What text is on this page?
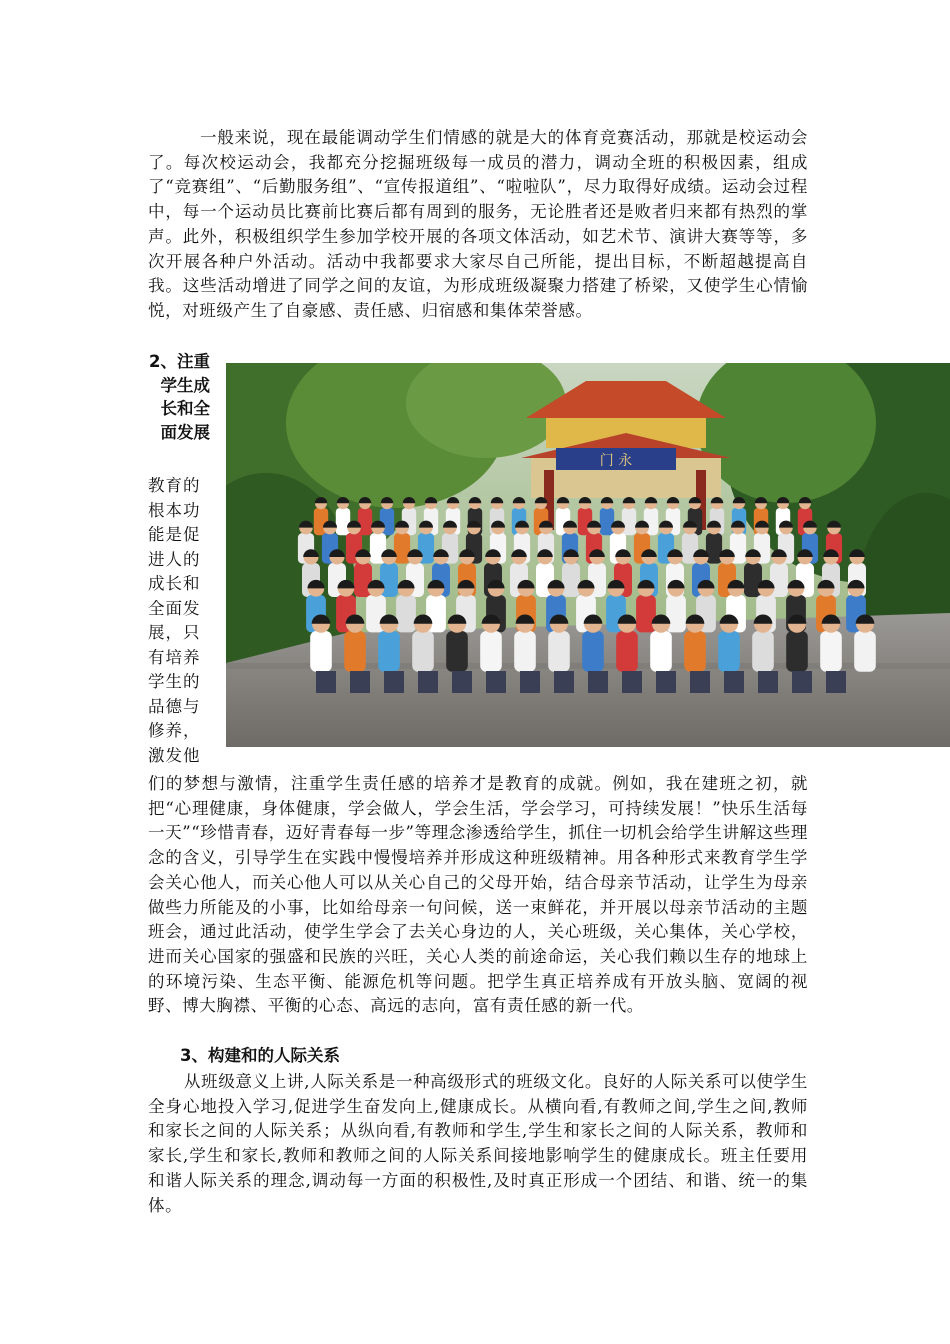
一般来说，现在最能调动学生们情感的就是大的体育竞赛活动，那就是校运动会了。每次校运动会，我都充分挖掘班级每一成员的潜力，调动全班的积极因素，组成了“竞赛组”、“后勤服务组”、“宣传报道组”、“啦啦队”，尽力取得好成绩。运动会过程中，每一个运动员比赛前比赛后都有周到的服务，无论胜者还是败者归来都有热烈的掌声。此外，积极组织学生参加学校开展的各项文体活动，如艺术节、演讲大赛等等，多次开展各种户外活动。活动中我都要求大家尽自己所能，提出目标，不断超越提高自我。这些活动增进了同学之间的友谊，为形成班级凝聚力搭建了桥梁，又使学生心情愉悦，对班级产生了自豪感、责任感、归宿感和集体荣誉感。

2、注重学生成长和全面发展

教育的根本功能是促进人的成长和全面发展，只有培养学生的品德与修养，激发他

门 永

们的梦想与激情，注重学生责任感的培养才是教育的成就。例如，我在建班之初，就把“心理健康，身体健康，学会做人，学会生活，学会学习，可持续发展！”快乐生活每一天”“珍惜青春，迈好青春每一步”等理念渗透给学生，抓住一切机会给学生讲解这些理念的含义，引导学生在实践中慢慢培养并形成这种班级精神。用各种形式来教育学生学会关心他人，而关心他人可以从关心自己的父母开始，结合母亲节活动，让学生为母亲做些力所能及的小事，比如给母亲一句问候，送一束鲜花，并开展以母亲节活动的主题班会，通过此活动，使学生学会了去关心身边的人，关心班级，关心集体，关心学校，进而关心国家的强盛和民族的兴旺，关心人类的前途命运，关心我们赖以生存的地球上的环境污染、生态平衡、能源危机等问题。把学生真正培养成有开放头脑、宽阔的视野、博大胸襟、平衡的心态、高远的志向，富有责任感的新一代。

3、构建和的人际关系

从班级意义上讲,人际关系是一种高级形式的班级文化。良好的人际关系可以使学生全身心地投入学习,促进学生奋发向上,健康成长。从横向看,有教师之间,学生之间,教师和家长之间的人际关系；从纵向看,有教师和学生,学生和家长之间的人际关系，教师和家长,学生和家长,教师和教师之间的人际关系间接地影响学生的健康成长。班主任要用和谐人际关系的理念,调动每一方面的积极性,及时真正形成一个团结、和谐、统一的集体。
